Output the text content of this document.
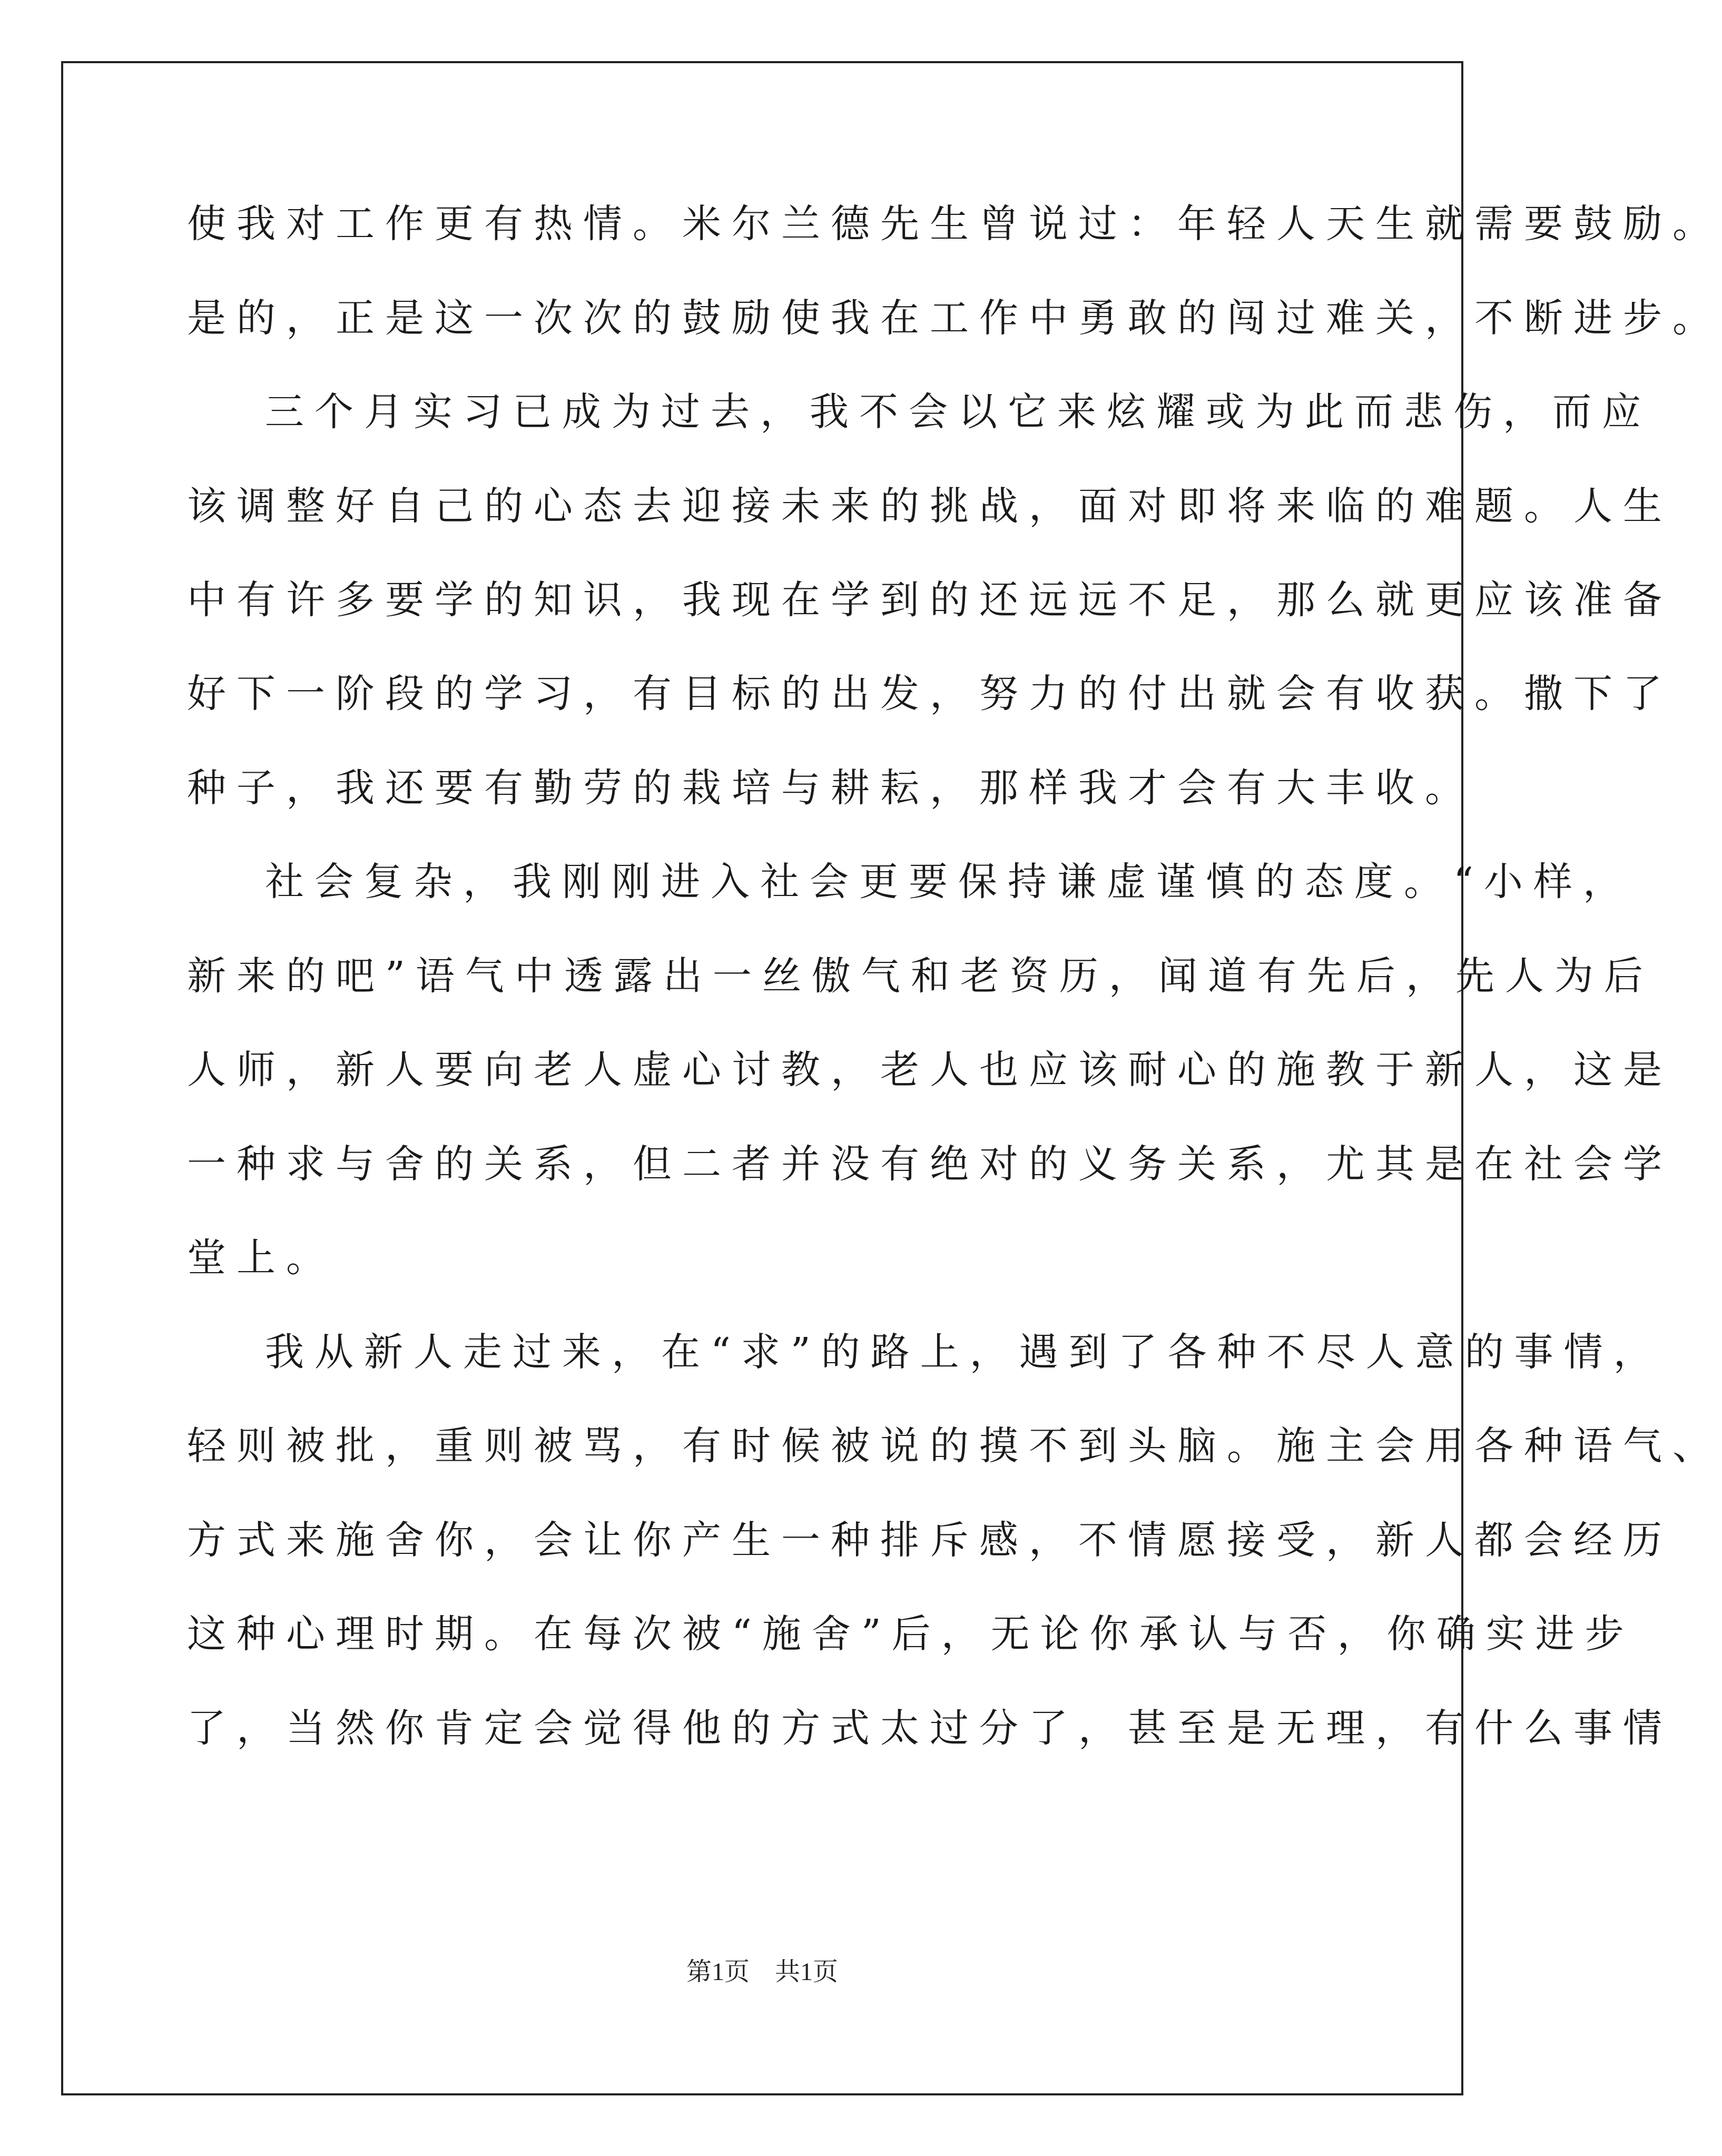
使我对工作更有热情。米尔兰德先生曾说过：年轻人天生就需要鼓励。
是的，正是这一次次的鼓励使我在工作中勇敢的闯过难关，不断进步。
三个月实习已成为过去，我不会以它来炫耀或为此而悲伤，而应
该调整好自己的心态去迎接未来的挑战，面对即将来临的难题。人生
中有许多要学的知识，我现在学到的还远远不足，那么就更应该准备
好下一阶段的学习，有目标的出发，努力的付出就会有收获。撒下了
种子，我还要有勤劳的栽培与耕耘，那样我才会有大丰收。
社会复杂，我刚刚进入社会更要保持谦虚谨慎的态度。“小样，
新来的吧”语气中透露出一丝傲气和老资历，闻道有先后，先人为后
人师，新人要向老人虚心讨教，老人也应该耐心的施教于新人，这是
一种求与舍的关系，但二者并没有绝对的义务关系，尤其是在社会学
堂上。
我从新人走过来，在“求”的路上，遇到了各种不尽人意的事情，
轻则被批，重则被骂，有时候被说的摸不到头脑。施主会用各种语气、
方式来施舍你，会让你产生一种排斥感，不情愿接受，新人都会经历
这种心理时期。在每次被“施舍”后，无论你承认与否，你确实进步
了，当然你肯定会觉得他的方式太过分了，甚至是无理，有什么事情
第1页 共1页
